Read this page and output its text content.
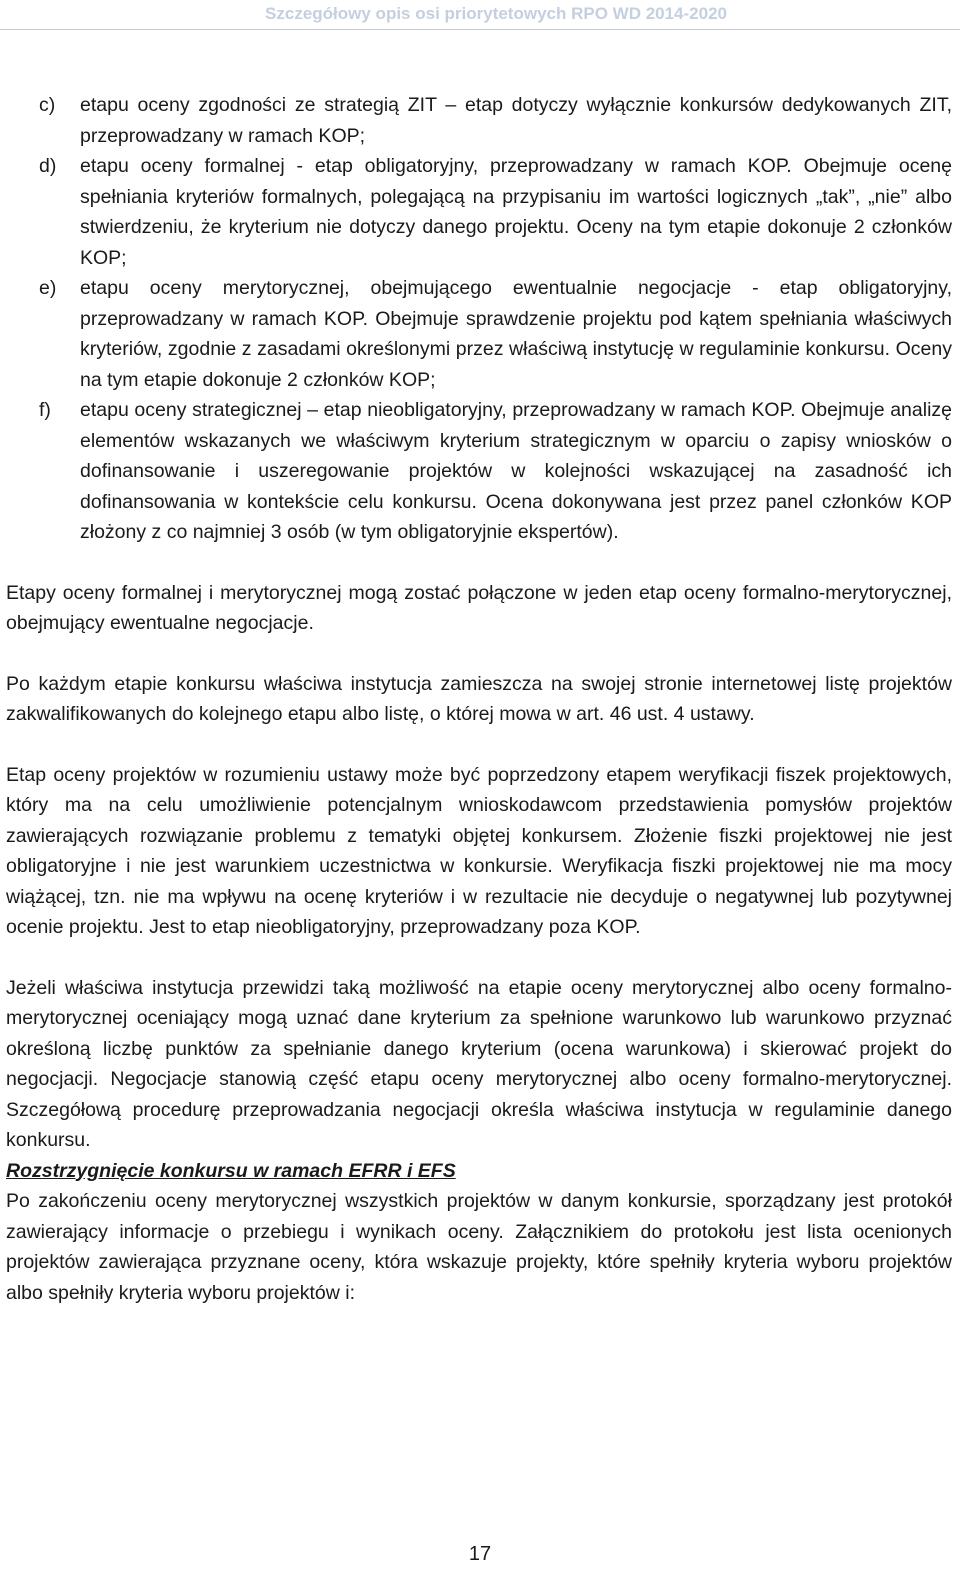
Szczegółowy opis osi priorytetowych RPO WD 2014-2020
c) etapu oceny zgodności ze strategią ZIT – etap dotyczy wyłącznie konkursów dedykowanych ZIT, przeprowadzany w ramach KOP;
d) etapu oceny formalnej - etap obligatoryjny, przeprowadzany w ramach KOP. Obejmuje ocenę spełniania kryteriów formalnych, polegającą na przypisaniu im wartości logicznych „tak”, „nie” albo stwierdzeniu, że kryterium nie dotyczy danego projektu. Oceny na tym etapie dokonuje 2 członków KOP;
e) etapu oceny merytorycznej, obejmującego ewentualnie negocjacje - etap obligatoryjny, przeprowadzany w ramach KOP. Obejmuje sprawdzenie projektu pod kątem spełniania właściwych kryteriów, zgodnie z zasadami określonymi przez właściwą instytucję w regulaminie konkursu. Oceny na tym etapie dokonuje 2 członków KOP;
f) etapu oceny strategicznej – etap nieobligatoryjny, przeprowadzany w ramach KOP. Obejmuje analizę elementów wskazanych we właściwym kryterium strategicznym w oparciu o zapisy wniosków o dofinansowanie i uszeregowanie projektów w kolejności wskazującej na zasadność ich dofinansowania w kontekście celu konkursu. Ocena dokonywana jest przez panel członków KOP złożony z co najmniej 3 osób (w tym obligatoryjnie ekspertów).

Etapy oceny formalnej i merytorycznej mogą zostać połączone w jeden etap oceny formalno-merytorycznej, obejmujący ewentualne negocjacje.

Po każdym etapie konkursu właściwa instytucja zamieszcza na swojej stronie internetowej listę projektów zakwalifikowanych do kolejnego etapu albo listę, o której mowa w art. 46 ust. 4 ustawy.

Etap oceny projektów w rozumieniu ustawy może być poprzedzony etapem weryfikacji fiszek projektowych, który ma na celu umożliwienie potencjalnym wnioskodawcom przedstawienia pomysłów projektów zawierających rozwiązanie problemu z tematyki objętej konkursem. Złożenie fiszki projektowej nie jest obligatoryjne i nie jest warunkiem uczestnictwa w konkursie. Weryfikacja fiszki projektowej nie ma mocy wiążącej, tzn. nie ma wpływu na ocenę kryteriów i w rezultacie nie decyduje o negatywnej lub pozytywnej ocenie projektu. Jest to etap nieobligatoryjny, przeprowadzany poza KOP.

Jeżeli właściwa instytucja przewidzi taką możliwość na etapie oceny merytorycznej albo oceny formalno-merytorycznej oceniający mogą uznać dane kryterium za spełnione warunkowo lub warunkowo przyznać określoną liczbę punktów za spełnianie danego kryterium (ocena warunkowa) i skierować projekt do negocjacji. Negocjacje stanowią część etapu oceny merytorycznej albo oceny formalno-merytorycznej. Szczegółową procedurę przeprowadzania negocjacji określa właściwa instytucja w regulaminie danego konkursu.

Rozstrzygnięcie konkursu w ramach EFRR i EFS

Po zakończeniu oceny merytorycznej wszystkich projektów w danym konkursie, sporządzany jest protokół zawierający informacje o przebiegu i wynikach oceny. Załącznikiem do protokołu jest lista ocenionych projektów zawierająca przyznane oceny, która wskazuje projekty, które spełniły kryteria wyboru projektów albo spełniły kryteria wyboru projektów i:

17
